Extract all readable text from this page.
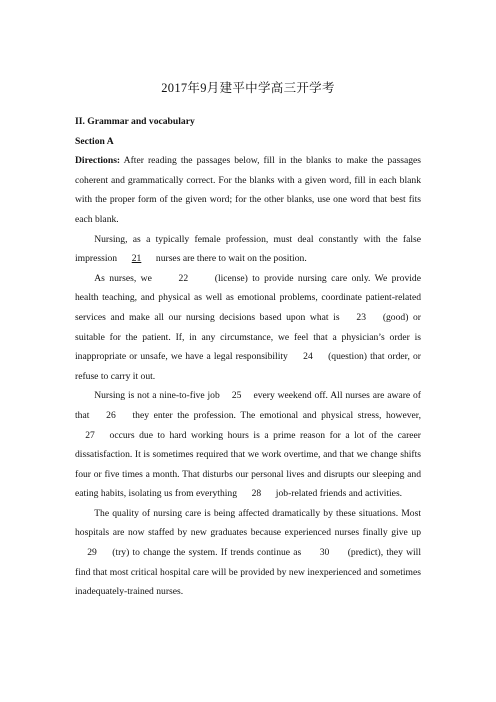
2017年9月建平中学高三开学考

II. Grammar and vocabulary

Section A

Directions: After reading the passages below, fill in the blanks to make the passages coherent and grammatically correct. For the blanks with a given word, fill in each blank with the proper form of the given word; for the other blanks, use one word that best fits each blank.

Nursing, as a typically female profession, must deal constantly with the false impression 21 nurses are there to wait on the position.

As nurses, we 22 (license) to provide nursing care only. We provide health teaching, and physical as well as emotional problems, coordinate patient-related services and make all our nursing decisions based upon what is 23 (good) or suitable for the patient. If, in any circumstance, we feel that a physician’s order is inappropriate or unsafe, we have a legal responsibility 24 (question) that order, or refuse to carry it out.

Nursing is not a nine-to-five job 25 every weekend off. All nurses are aware of that 26 they enter the profession. The emotional and physical stress, however, 27 occurs due to hard working hours is a prime reason for a lot of the career dissatisfaction. It is sometimes required that we work overtime, and that we change shifts four or five times a month. That disturbs our personal lives and disrupts our sleeping and eating habits, isolating us from everything 28 job-related friends and activities.

The quality of nursing care is being affected dramatically by these situations. Most hospitals are now staffed by new graduates because experienced nurses finally give up 29 (try) to change the system. If trends continue as 30 (predict), they will find that most critical hospital care will be provided by new inexperienced and sometimes inadequately-trained nurses.
